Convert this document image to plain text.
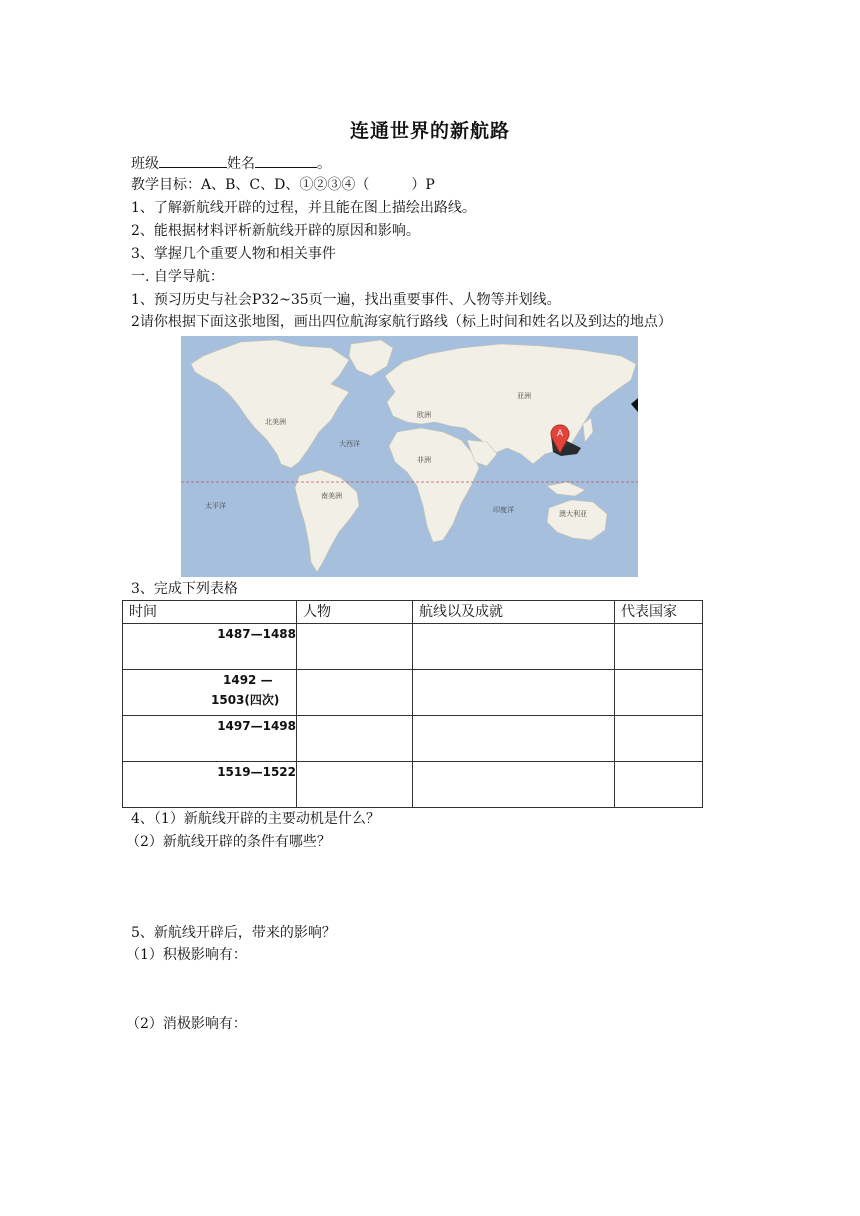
连通世界的新航路
班级	姓名	。
教学目标：A、B、C、D、①②③④（　　　）P
1、了解新航线开辟的过程，并且能在图上描绘出路线。
2、能根据材料评析新航线开辟的原因和影响。
3、掌握几个重要人物和相关事件
一. 自学导航：
1、预习历史与社会P32~35页一遍，找出重要事件、人物等并划线。
2请你根据下面这张地图，画出四位航海家航行路线（标上时间和姓名以及到达的地点）
A
北美洲
大西洋
南美洲
太平洋
欧洲
非洲
亚洲
印度洋	澳大利亚
3、完成下列表格
时间	人物	航线以及成就	代表国家
1487—1488			

1492 —
1503(四次)			

1497—1498			
1519—1522			
4、（1）新航线开辟的主要动机是什么？
（2）新航线开辟的条件有哪些？
5、新航线开辟后，带来的影响？
（1）积极影响有：
（2）消极影响有：
